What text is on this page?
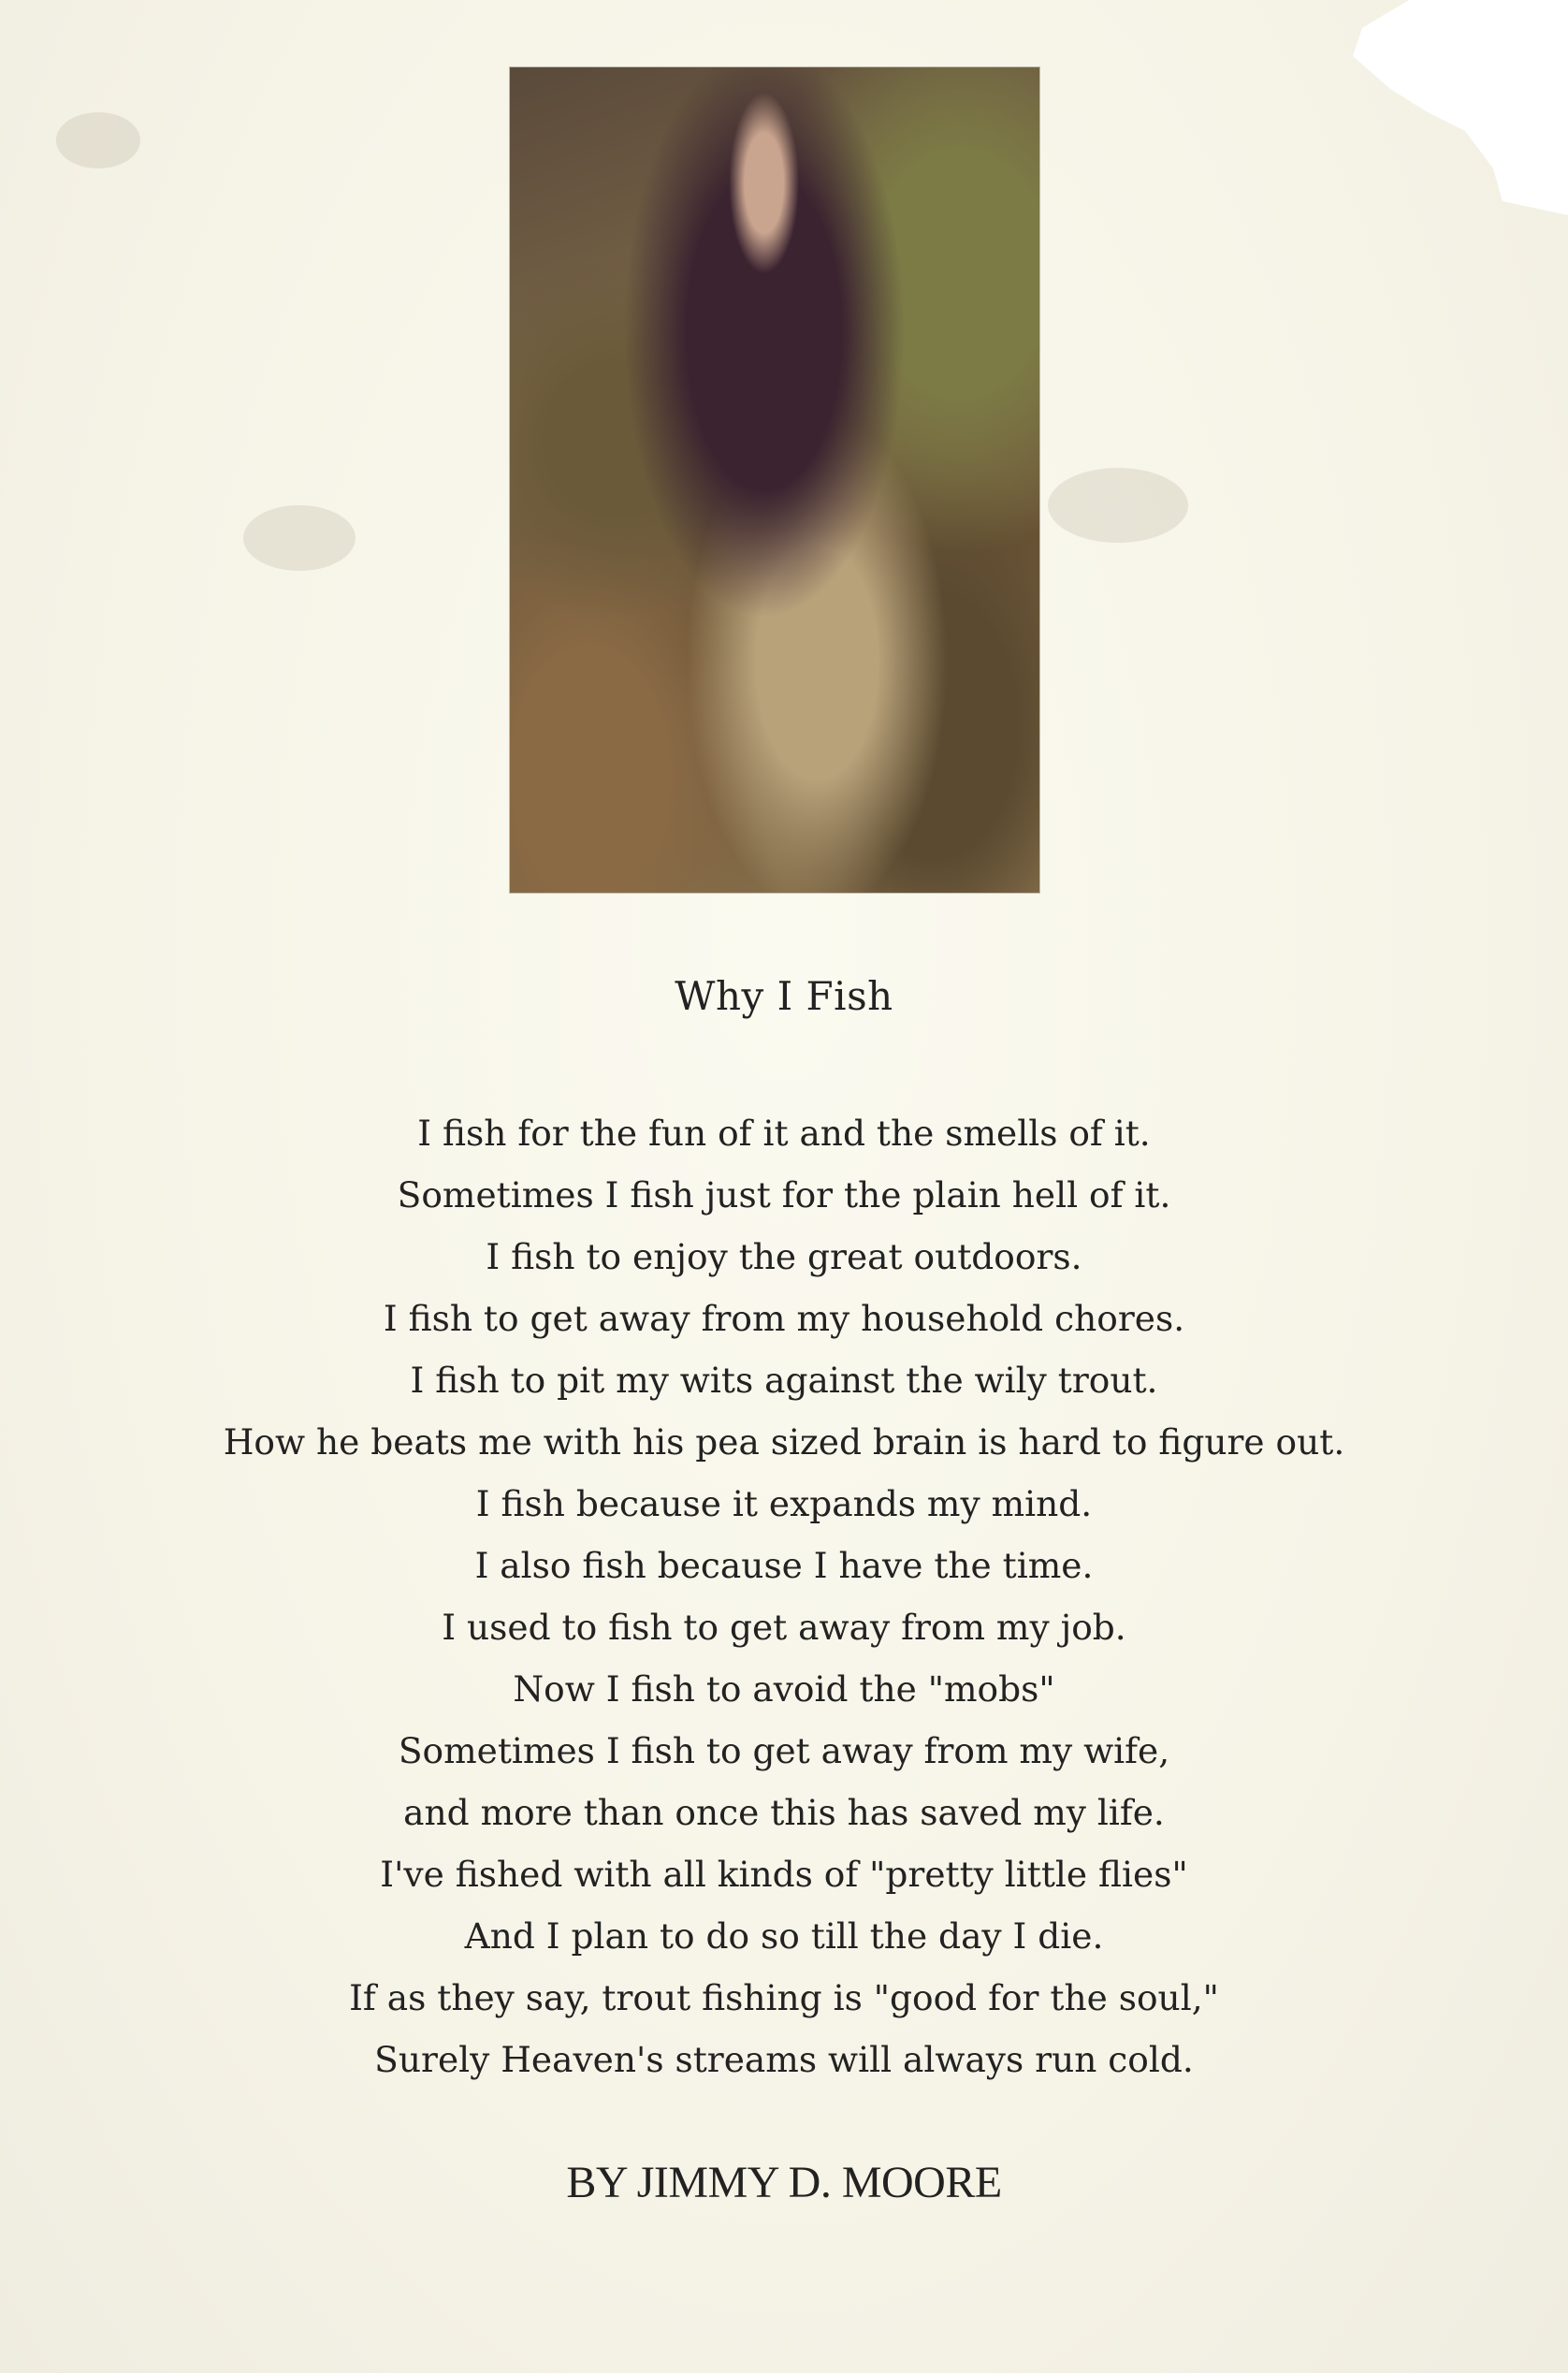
Why I Fish
I fish for the fun of it and the smells of it.
Sometimes I fish just for the plain hell of it.
I fish to enjoy the great outdoors.
I fish to get away from my household chores.
I fish to pit my wits against the wily trout.
How he beats me with his pea sized brain is hard to figure out.
I fish because it expands my mind.
I also fish because I have the time.
I used to fish to get away from my job.
Now I fish to avoid the "mobs"
Sometimes I fish to get away from my wife,
and more than once this has saved my life.
I've fished with all kinds of "pretty little flies"
And I plan to do so till the day I die.
If as they say, trout fishing is "good for the soul,"
Surely Heaven's streams will always run cold.
BY JIMMY D. MOORE
